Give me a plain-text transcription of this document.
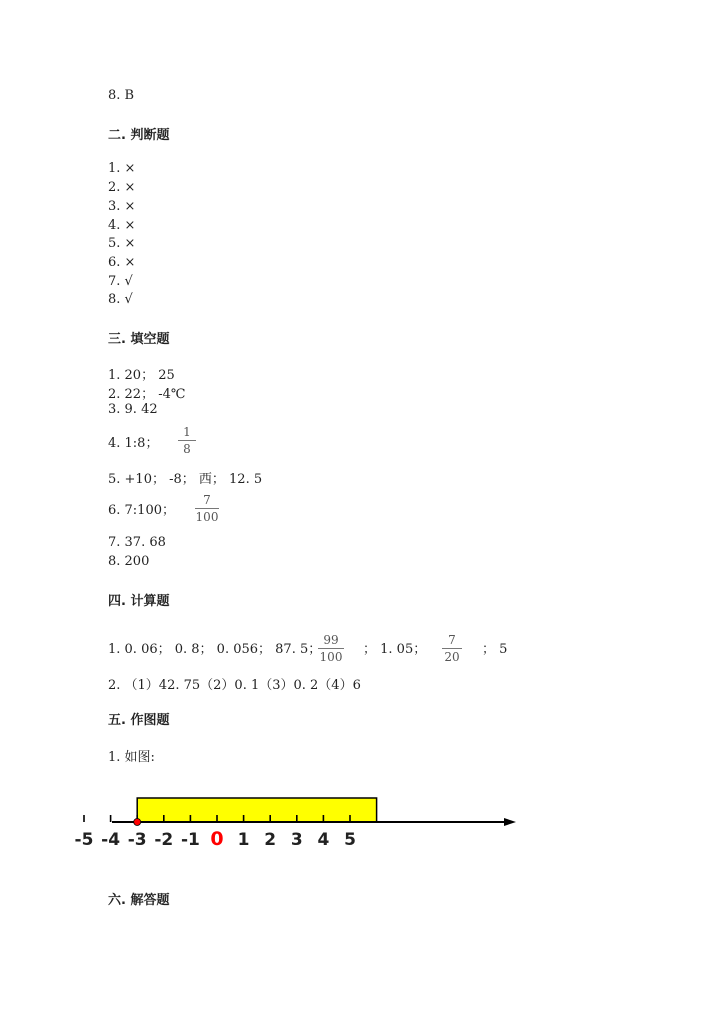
8. B
二. 判断题
1. ×
2. ×
3. ×
4. ×
5. ×
6. ×
7. √
8. √
三. 填空题
1. 20； 25
2. 22； -4℃
3. 9. 42
4. 1:8；
1
8
5. +10； -8； 西； 12. 5
6. 7:100；
7
100
7. 37. 68
8. 200
四. 计算题
1. 0. 06； 0. 8； 0. 056； 87. 5；
99
100 ； 1. 05；
7
20 ； 5
2. （1）42. 75（2）0. 1（3）0. 2（4）6
五. 作图题
1. 如图:
-5 -4 -3 -2 -1 0 1 2 3 4 5
六. 解答题
